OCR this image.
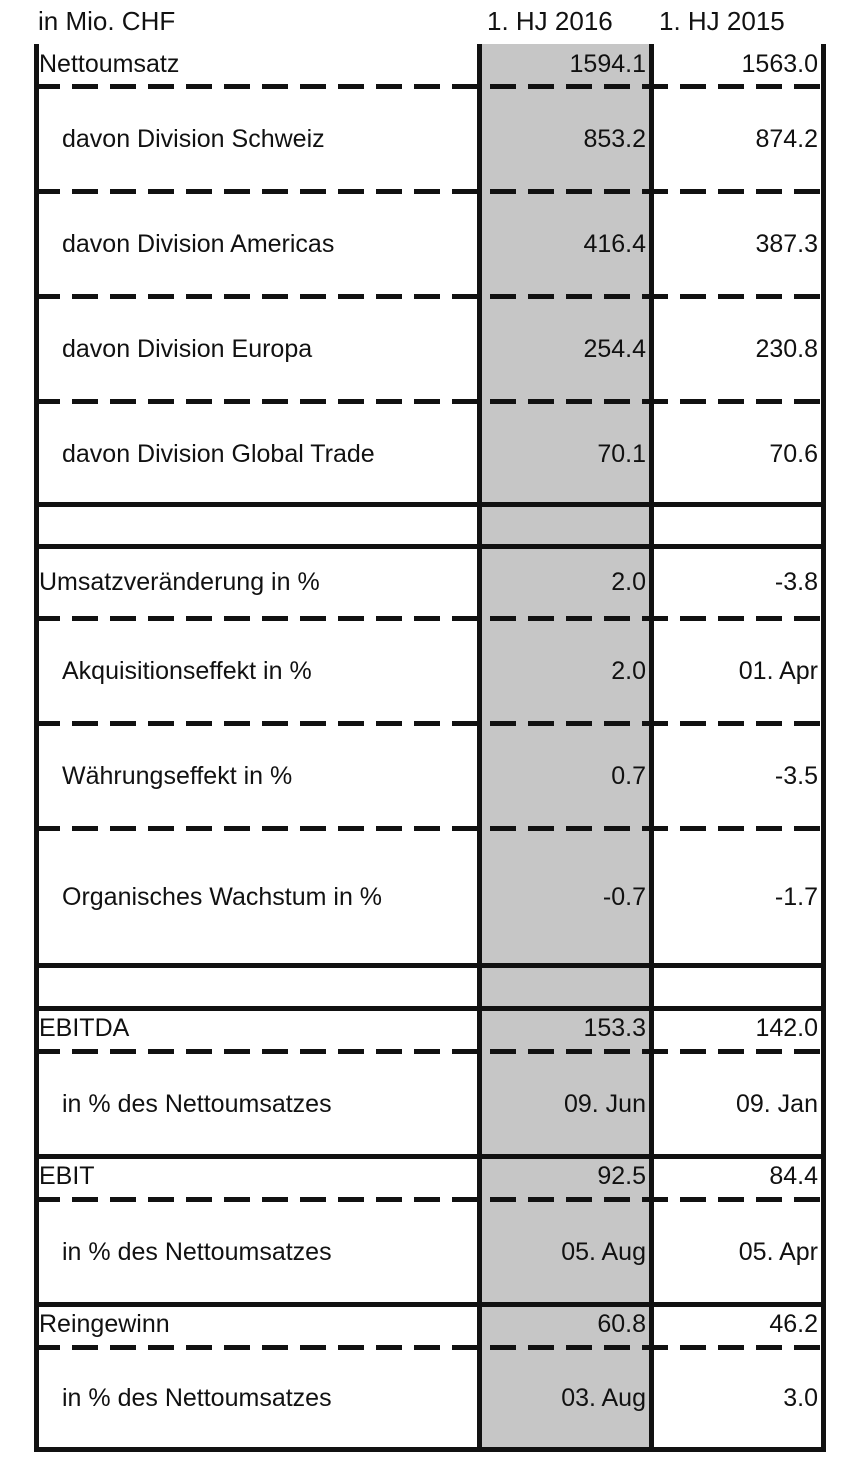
in Mio. CHF	1. HJ 2016 1. HJ 2015
Nettoumsatz	1594.1	1563.0
davon Division Schweiz	853.2	874.2
davon Division Americas	416.4	387.3
davon Division Europa	254.4	230.8
davon Division Global Trade	70.1	70.6
Umsatzveränderung in %	2.0	-3.8
Akquisitionseffekt in %	2.0	01. Apr
Währungseffekt in %	0.7	-3.5
Organisches Wachstum in %	-0.7	-1.7
EBITDA	153.3	142.0
in % des Nettoumsatzes	09. Jun	09. Jan
EBIT	92.5	84.4
in % des Nettoumsatzes	05. Aug	05. Apr
Reingewinn	60.8	46.2
in % des Nettoumsatzes	03. Aug	3.0
